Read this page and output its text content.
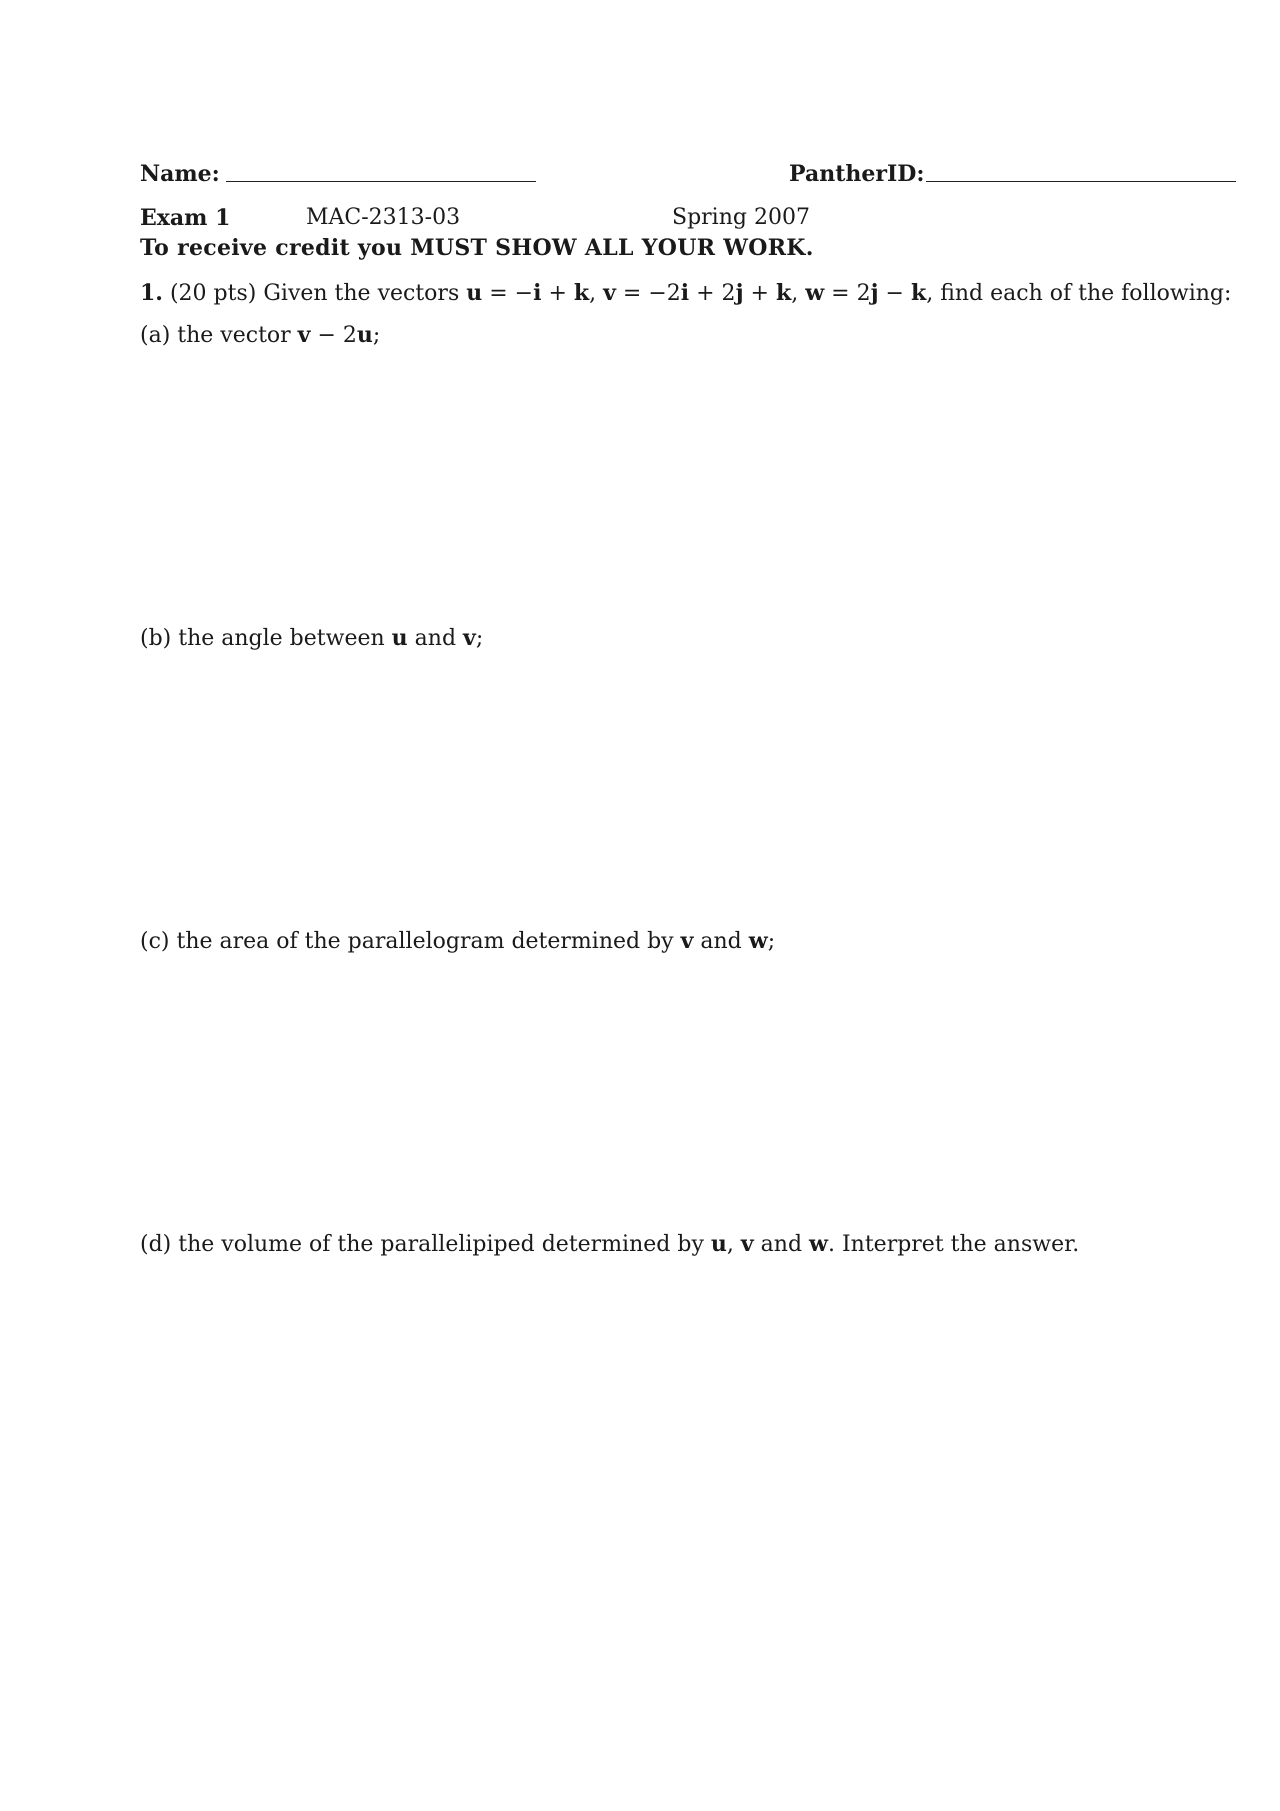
Name:	PantherID:
Exam 1	MAC-2313-03	Spring 2007
To receive credit you MUST SHOW ALL YOUR WORK.
1. (20 pts) Given the vectors u = −i + k, v = −2i + 2j + k, w = 2j − k, find each of the following:
(a) the vector v − 2u;
(b) the angle between u and v;
(c) the area of the parallelogram determined by v and w;
(d) the volume of the parallelipiped determined by u, v and w. Interpret the answer.
